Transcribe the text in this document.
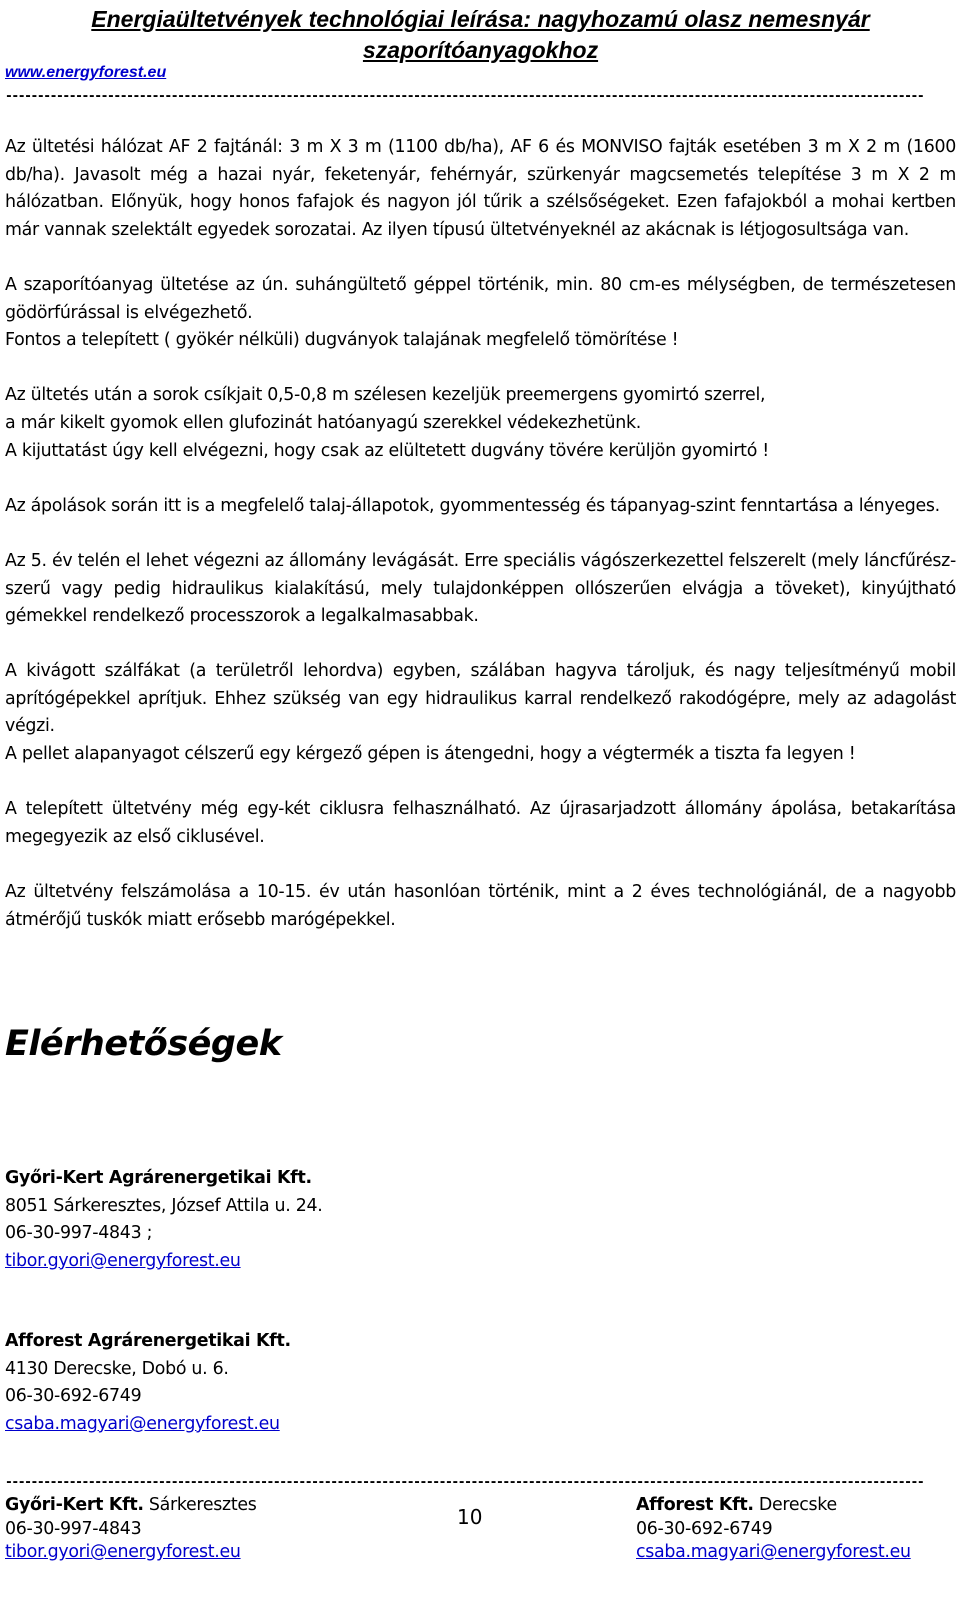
Energiaültetvények technológiai leírása: nagyhozamú olasz nemesnyár szaporítóanyagokhoz
www.energyforest.eu
------------------------------------------------------------------------------------------------------------------------------------------------

Az ültetési hálózat AF 2 fajtánál: 3 m X 3 m (1100 db/ha), AF 6 és MONVISO fajták esetében 3 m X 2 m (1600 db/ha). Javasolt még a hazai nyár, feketenyár, fehérnyár, szürkenyár magcsemetés telepítése 3 m X 2 m hálózatban. Előnyük, hogy honos fafajok és nagyon jól tűrik a szélsőségeket. Ezen fafajokból a mohai kertben már vannak szelektált egyedek sorozatai. Az ilyen típusú ültetvényeknél az akácnak is létjogosultsága van.

A szaporítóanyag ültetése az ún. suhángültető géppel történik, min. 80 cm-es mélységben, de természetesen gödörfúrással is elvégezhető.

Fontos a telepített ( gyökér nélküli) dugványok talajának megfelelő tömörítése !

Az ültetés után a sorok csíkjait 0,5-0,8 m szélesen kezeljük preemergens gyomirtó szerrel,

a már kikelt gyomok ellen glufozinát hatóanyagú szerekkel védekezhetünk.

A kijuttatást úgy kell elvégezni, hogy csak az elültetett dugvány tövére kerüljön gyomirtó !

Az ápolások során itt is a megfelelő talaj-állapotok, gyommentesség és tápanyag-szint fenntartása a lényeges.

Az 5. év telén el lehet végezni az állomány levágását. Erre speciális vágószerkezettel felszerelt (mely láncfűrész-szerű vagy pedig hidraulikus kialakítású, mely tulajdonképpen ollószerűen elvágja a töveket), kinyújtható gémekkel rendelkező processzorok a legalkalmasabbak.

A kivágott szálfákat (a területről lehordva) egyben, szálában hagyva tároljuk, és nagy teljesítményű mobil aprítógépekkel aprítjuk. Ehhez szükség van egy hidraulikus karral rendelkező rakodógépre, mely az adagolást végzi.

A pellet alapanyagot célszerű egy kérgező gépen is átengedni, hogy a végtermék a tiszta fa legyen !

A telepített ültetvény még egy-két ciklusra felhasználható. Az újrasarjadzott állomány ápolása, betakarítása megegyezik az első ciklusével.

Az ültetvény felszámolása a 10-15. év után hasonlóan történik, mint a 2 éves technológiánál, de a nagyobb átmérőjű tuskók miatt erősebb marógépekkel.

Elérhetőségek
Győri-Kert Agrárenergetikai Kft.
8051 Sárkeresztes, József Attila u. 24.
06-30-997-4843 ;
tibor.gyori@energyforest.eu
Afforest Agrárenergetikai Kft.
4130 Derecske, Dobó u. 6.
06-30-692-6749
csaba.magyari@energyforest.eu
------------------------------------------------------------------------------------------------------------------------------------------------
Győri-Kert Kft. Sárkeresztes
06-30-997-4843
tibor.gyori@energyforest.eu
10	Afforest Kft. Derecske
06-30-692-6749
csaba.magyari@energyforest.eu
